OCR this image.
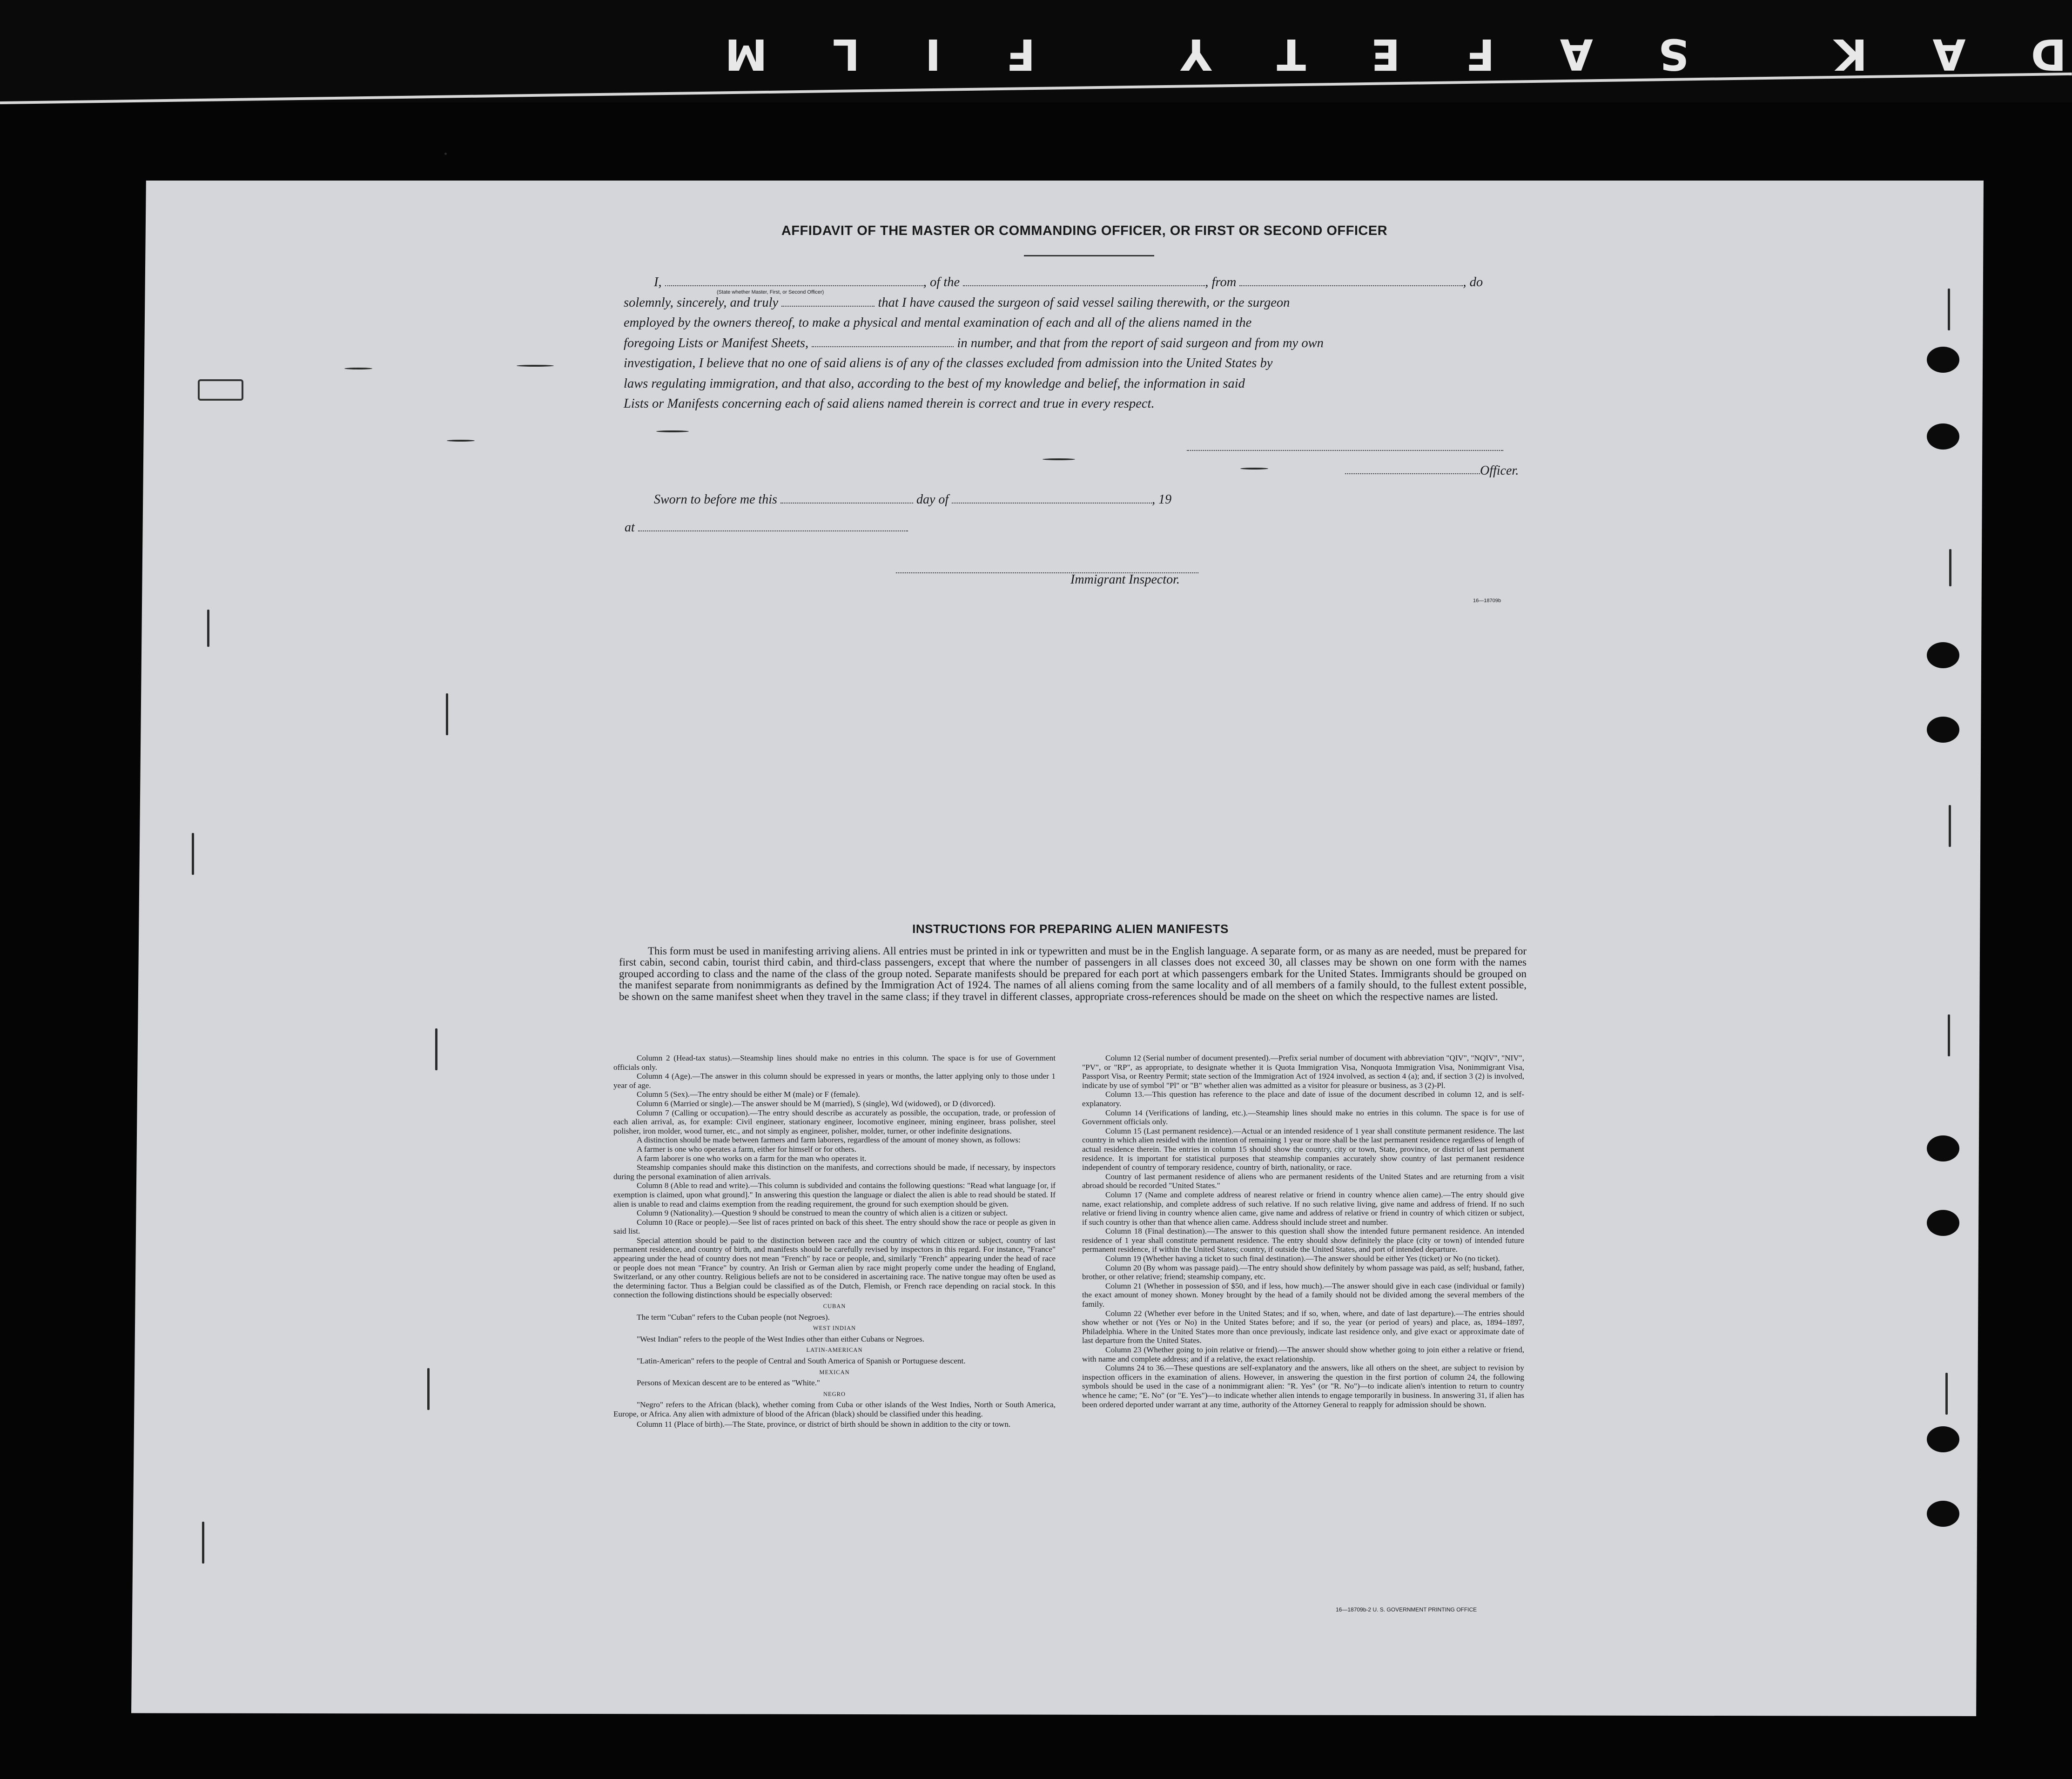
DAK SAFETY FILM
AFFIDAVIT OF THE MASTER OR COMMANDING OFFICER, OR FIRST OR SECOND OFFICER
I,	, of the	, from	, do
solemnly, sincerely, and truly	that I have caused the surgeon of said vessel sailing therewith, or the surgeon
employed by the owners thereof, to make a physical and mental examination of each and all of the aliens named in the
foregoing Lists or Manifest Sheets,	in number, and that from the report of said surgeon and from my own
investigation, I believe that no one of said aliens is of any of the classes excluded from admission into the United States by
laws regulating immigration, and that also, according to the best of my knowledge and belief, the information in said
Lists or Manifests concerning each of said aliens named therein is correct and true in every respect.
(State whether Master, First, or Second Officer)
Officer.
Sworn to before me this	day of	, 19
at
Immigrant Inspector.
16—18709b
INSTRUCTIONS FOR PREPARING ALIEN MANIFESTS
This form must be used in manifesting arriving aliens. All entries must be printed in ink or typewritten and must be in the English language. A separate form, or as many as are needed, must be prepared for first cabin, second cabin, tourist third cabin, and third-class passengers, except that where the number of passengers in all classes does not exceed 30, all classes may be shown on one form with the names grouped according to class and the name of the class of the group noted. Separate manifests should be prepared for each port at which passengers embark for the United States. Immigrants should be grouped on the manifest separate from nonimmigrants as defined by the Immigration Act of 1924. The names of all aliens coming from the same locality and of all members of a family should, to the fullest extent possible, be shown on the same manifest sheet when they travel in the same class; if they travel in different classes, appropriate cross-references should be made on the sheet on which the respective names are listed.

Column 2 (Head-tax status).—Steamship lines should make no entries in this column. The space is for use of Government officials only.

Column 4 (Age).—The answer in this column should be expressed in years or months, the latter applying only to those under 1 year of age.

Column 5 (Sex).—The entry should be either M (male) or F (female).

Column 6 (Married or single).—The answer should be M (married), S (single), Wd (widowed), or D (divorced).

Column 7 (Calling or occupation).—The entry should describe as accurately as possible, the occupation, trade, or profession of each alien arrival, as, for example: Civil engineer, stationary engineer, locomotive engineer, mining engineer, brass polisher, steel polisher, iron molder, wood turner, etc., and not simply as engineer, polisher, molder, turner, or other indefinite designations.

A distinction should be made between farmers and farm laborers, regardless of the amount of money shown, as follows:

A farmer is one who operates a farm, either for himself or for others.

A farm laborer is one who works on a farm for the man who operates it.

Steamship companies should make this distinction on the manifests, and corrections should be made, if necessary, by inspectors during the personal examination of alien arrivals.

Column 8 (Able to read and write).—This column is subdivided and contains the following questions: "Read what language [or, if exemption is claimed, upon what ground]." In answering this question the language or dialect the alien is able to read should be stated. If alien is unable to read and claims exemption from the reading requirement, the ground for such exemption should be given.

Column 9 (Nationality).—Question 9 should be construed to mean the country of which alien is a citizen or subject.

Column 10 (Race or people).—See list of races printed on back of this sheet. The entry should show the race or people as given in said list.

Special attention should be paid to the distinction between race and the country of which citizen or subject, country of last permanent residence, and country of birth, and manifests should be carefully revised by inspectors in this regard. For instance, "France" appearing under the head of country does not mean "French" by race or people, and, similarly "French" appearing under the head of race or people does not mean "France" by country. An Irish or German alien by race might properly come under the heading of England, Switzerland, or any other country. Religious beliefs are not to be considered in ascertaining race. The native tongue may often be used as the determining factor. Thus a Belgian could be classified as of the Dutch, Flemish, or French race depending on racial stock. In this connection the following distinctions should be especially observed:

CUBAN

The term "Cuban" refers to the Cuban people (not Negroes).

WEST INDIAN

"West Indian" refers to the people of the West Indies other than either Cubans or Negroes.

LATIN-AMERICAN

"Latin-American" refers to the people of Central and South America of Spanish or Portuguese descent.

MEXICAN

Persons of Mexican descent are to be entered as "White."

NEGRO

"Negro" refers to the African (black), whether coming from Cuba or other islands of the West Indies, North or South America, Europe, or Africa. Any alien with admixture of blood of the African (black) should be classified under this heading.

Column 11 (Place of birth).—The State, province, or district of birth should be shown in addition to the city or town.

Column 12 (Serial number of document presented).—Prefix serial number of document with abbreviation "QIV", "NQIV", "NIV", "PV", or "RP", as appropriate, to designate whether it is Quota Immigration Visa, Nonquota Immigration Visa, Nonimmigrant Visa, Passport Visa, or Reentry Permit; state section of the Immigration Act of 1924 involved, as section 4 (a); and, if section 3 (2) is involved, indicate by use of symbol "Pl" or "B" whether alien was admitted as a visitor for pleasure or business, as 3 (2)-Pl.

Column 13.—This question has reference to the place and date of issue of the document described in column 12, and is self-explanatory.

Column 14 (Verifications of landing, etc.).—Steamship lines should make no entries in this column. The space is for use of Government officials only.

Column 15 (Last permanent residence).—Actual or an intended residence of 1 year shall constitute permanent residence. The last country in which alien resided with the intention of remaining 1 year or more shall be the last permanent residence regardless of length of actual residence therein. The entries in column 15 should show the country, city or town, State, province, or district of last permanent residence. It is important for statistical purposes that steamship companies accurately show country of last permanent residence independent of country of temporary residence, country of birth, nationality, or race.

Country of last permanent residence of aliens who are permanent residents of the United States and are returning from a visit abroad should be recorded "United States."

Column 17 (Name and complete address of nearest relative or friend in country whence alien came).—The entry should give name, exact relationship, and complete address of such relative. If no such relative living, give name and address of friend. If no such relative or friend living in country whence alien came, give name and address of relative or friend in country of which citizen or subject, if such country is other than that whence alien came. Address should include street and number.

Column 18 (Final destination).—The answer to this question shall show the intended future permanent residence. An intended residence of 1 year shall constitute permanent residence. The entry should show definitely the place (city or town) of intended future permanent residence, if within the United States; country, if outside the United States, and port of intended departure.

Column 19 (Whether having a ticket to such final destination).—The answer should be either Yes (ticket) or No (no ticket).

Column 20 (By whom was passage paid).—The entry should show definitely by whom passage was paid, as self; husband, father, brother, or other relative; friend; steamship company, etc.

Column 21 (Whether in possession of $50, and if less, how much).—The answer should give in each case (individual or family) the exact amount of money shown. Money brought by the head of a family should not be divided among the several members of the family.

Column 22 (Whether ever before in the United States; and if so, when, where, and date of last departure).—The entries should show whether or not (Yes or No) in the United States before; and if so, the year (or period of years) and place, as, 1894–1897, Philadelphia. Where in the United States more than once previously, indicate last residence only, and give exact or approximate date of last departure from the United States.

Column 23 (Whether going to join relative or friend).—The answer should show whether going to join either a relative or friend, with name and complete address; and if a relative, the exact relationship.

Columns 24 to 36.—These questions are self-explanatory and the answers, like all others on the sheet, are subject to revision by inspection officers in the examination of aliens. However, in answering the question in the first portion of column 24, the following symbols should be used in the case of a nonimmigrant alien: "R. Yes" (or "R. No")—to indicate alien's intention to return to country whence he came; "E. No" (or "E. Yes")—to indicate whether alien intends to engage temporarily in business. In answering 31, if alien has been ordered deported under warrant at any time, authority of the Attorney General to reapply for admission should be shown.

16—18709b-2 U. S. GOVERNMENT PRINTING OFFICE
